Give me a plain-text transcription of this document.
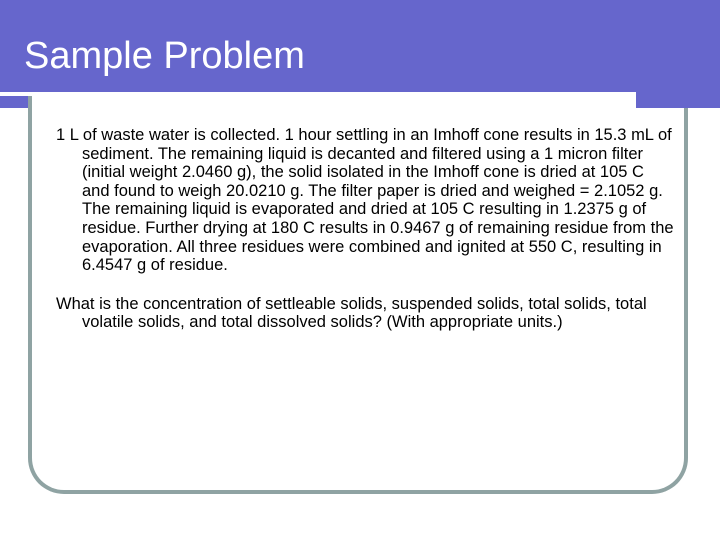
Sample Problem

1 L of waste water is collected. 1 hour settling in an Imhoff cone results in 15.3 mL of sediment. The remaining liquid is decanted and filtered using a 1 micron filter (initial weight 2.0460 g), the solid isolated in the Imhoff cone is dried at 105 C and found to weigh 20.0210 g. The filter paper is dried and weighed = 2.1052 g. The remaining liquid is evaporated and dried at 105 C resulting in 1.2375 g of residue. Further drying at 180 C results in 0.9467 g of remaining residue from the evaporation. All three residues were combined and ignited at 550 C, resulting in 6.4547 g of residue.

What is the concentration of settleable solids, suspended solids, total solids, total volatile solids, and total dissolved solids? (With appropriate units.)
